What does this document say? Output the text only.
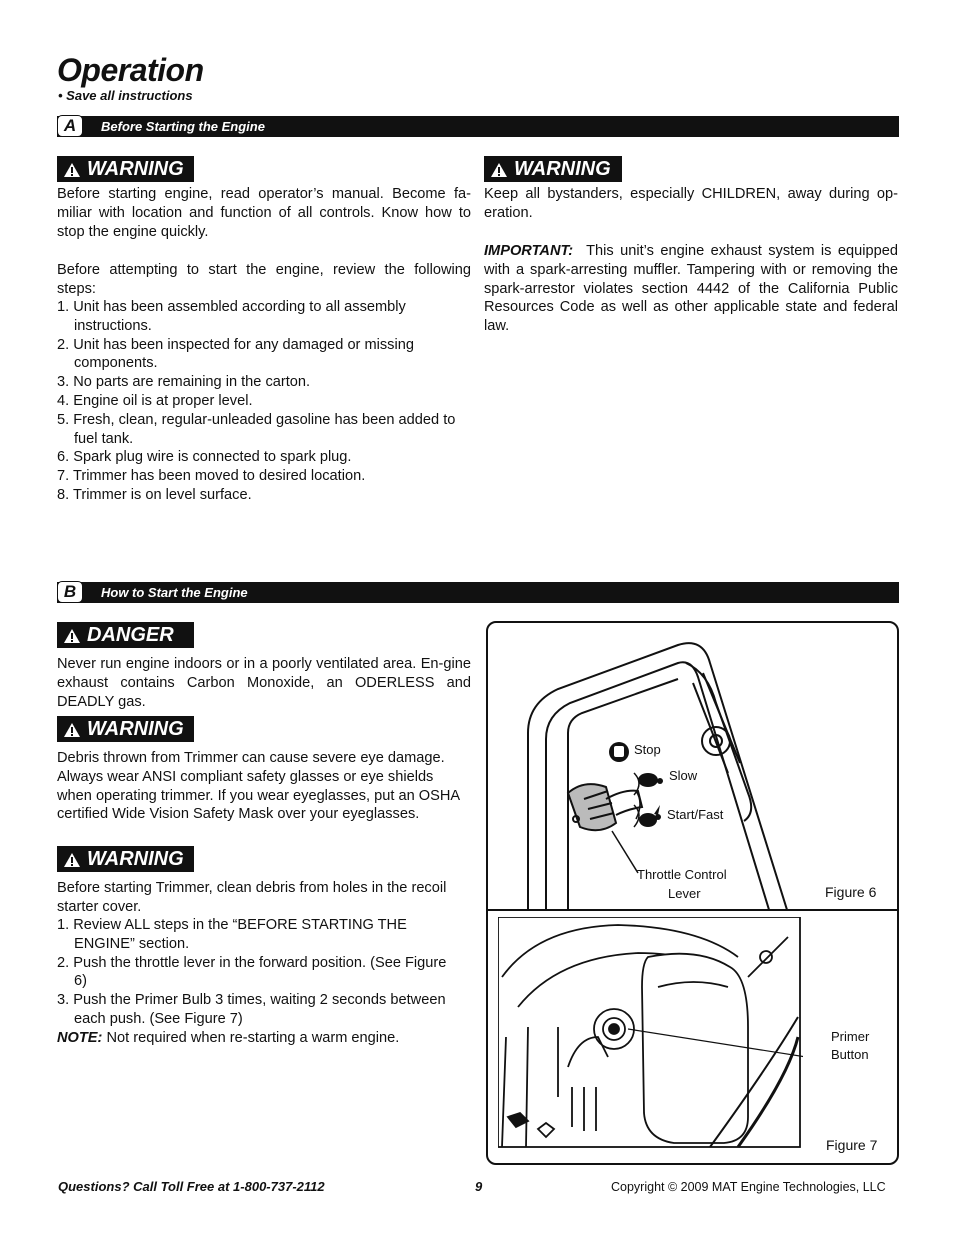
Operation
• Save all instructions
A	Before Starting the Engine
WARNING
Before starting engine, read operator’s manual. Become fa-miliar with location and function of all controls. Know how to stop the engine quickly.
Before attempting to start the engine, review the following steps:
1. Unit has been assembled according to all assembly instructions.
2. Unit has been inspected for any damaged or missing components.
3. No parts are remaining in the carton.
4. Engine oil is at proper level.
5. Fresh, clean, regular-unleaded gasoline has been added to fuel tank.
6. Spark plug wire is connected to spark plug.
7. Trimmer has been moved to desired location.
8. Trimmer is on level surface.
WARNING
Keep all bystanders, especially CHILDREN, away during op-eration.
IMPORTANT: This unit’s engine exhaust system is equipped with a spark-arresting muffler. Tampering with or removing the spark-arrestor violates section 4442 of the California Public Resources Code as well as other applicable state and federal law.
B	How to Start the Engine
DANGER
Never run engine indoors or in a poorly ventilated area. En-gine exhaust contains Carbon Monoxide, an ODERLESS and DEADLY gas.
WARNING
Debris thrown from Trimmer can cause severe eye damage. Always wear ANSI compliant safety glasses or eye shields when operating trimmer. If you wear eyeglasses, put an OSHA certified Wide Vision Safety Mask over your eyeglasses.
WARNING
Before starting Trimmer, clean debris from holes in the recoil starter cover.
1. Review ALL steps in the “BEFORE STARTING THE ENGINE” section.
2. Push the throttle lever in the forward position. (See Figure 6)
3. Push the Primer Bulb 3 times, waiting 2 seconds between each push. (See Figure 7)
NOTE: Not required when re-starting a warm engine.
Stop
Slow
Start/Fast
Throttle Control
Lever	Figure 6
Primer
Button
Figure 7
Questions? Call Toll Free at 1-800-737-2112	9	Copyright © 2009 MAT Engine Technologies, LLC
